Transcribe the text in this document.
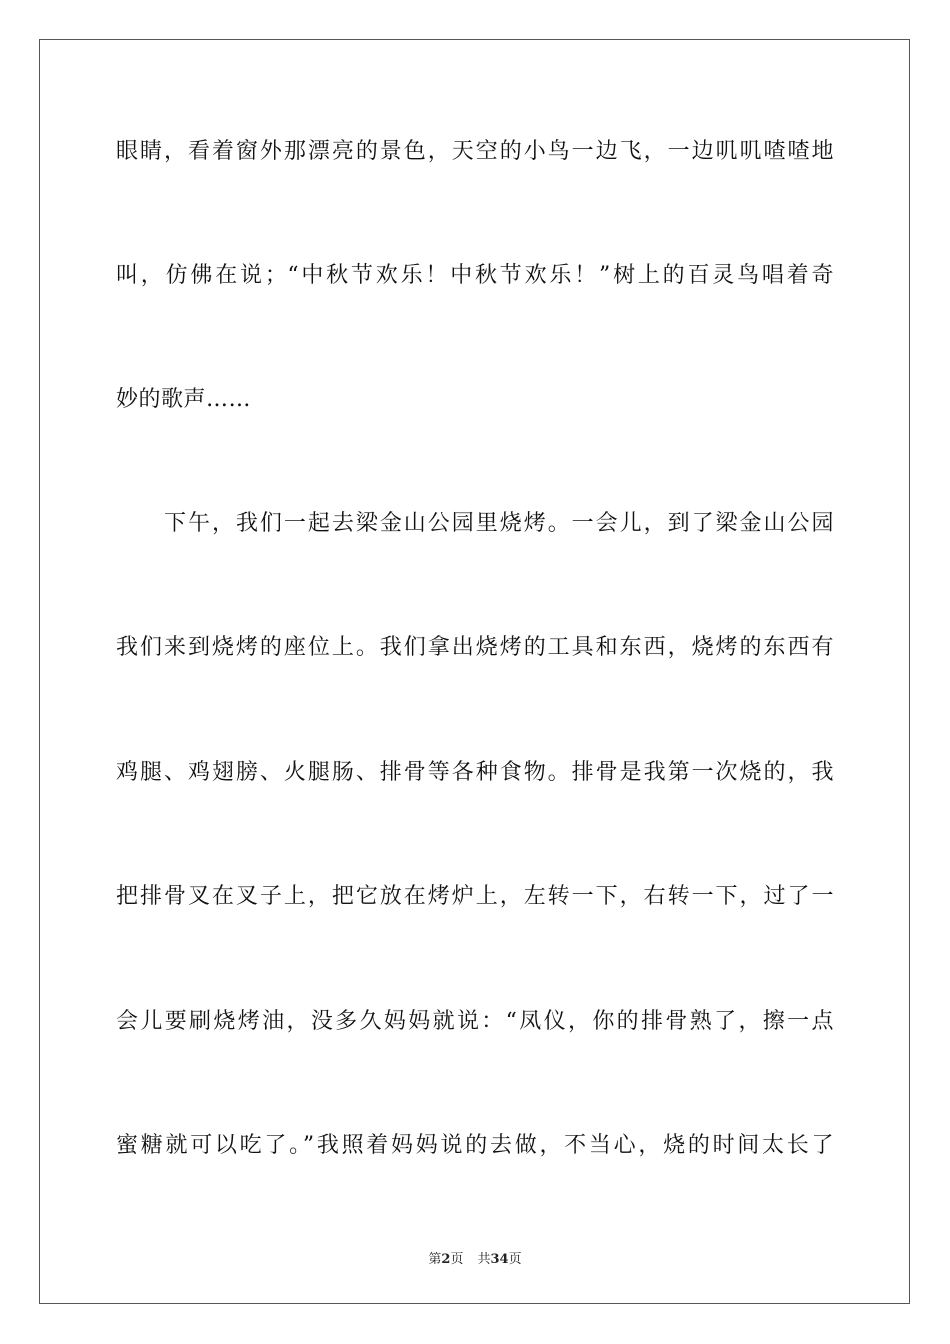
眼睛，看着窗外那漂亮的景色，天空的小鸟一边飞，一边叽叽喳喳地
叫，仿佛在说；“中秋节欢乐！中秋节欢乐！”树上的百灵鸟唱着奇
妙的歌声……
下午，我们一起去梁金山公园里烧烤。一会儿，到了梁金山公园
我们来到烧烤的座位上。我们拿出烧烤的工具和东西，烧烤的东西有
鸡腿、鸡翅膀、火腿肠、排骨等各种食物。排骨是我第一次烧的，我
把排骨叉在叉子上，把它放在烤炉上，左转一下，右转一下，过了一
会儿要刷烧烤油，没多久妈妈就说：“凤仪，你的排骨熟了，擦一点
蜜糖就可以吃了。”我照着妈妈说的去做，不当心，烧的时间太长了
第2页 共34页
